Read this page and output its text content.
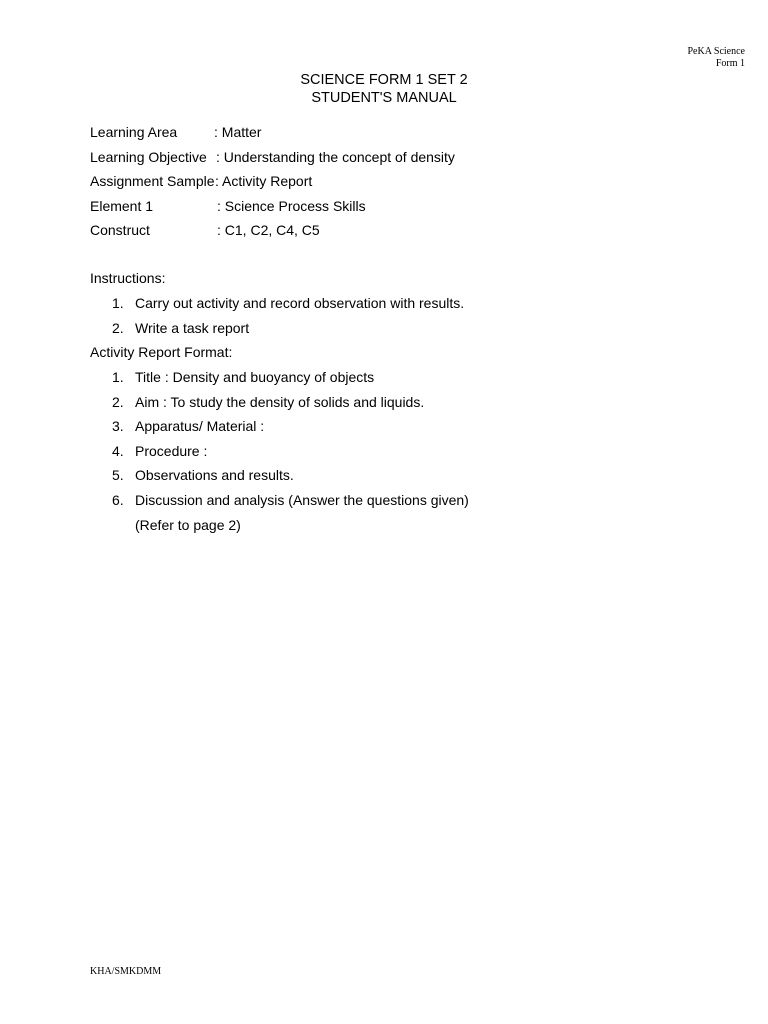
PeKA Science
Form 1
SCIENCE FORM 1 SET 2
STUDENT'S MANUAL
Learning Area	: Matter
Learning Objective : Understanding the concept of density
Assignment Sample : Activity Report
Element 1	: Science Process Skills
Construct	: C1, C2, C4, C5
Instructions:
1. Carry out activity and record observation with results.
2. Write a task report
Activity Report Format:
1. Title : Density and buoyancy of objects
2. Aim : To study the density of solids and liquids.
3. Apparatus/ Material :
4. Procedure :
5. Observations and results.
6. Discussion and analysis (Answer the questions given)
(Refer to page 2)
KHA/SMKDMM
